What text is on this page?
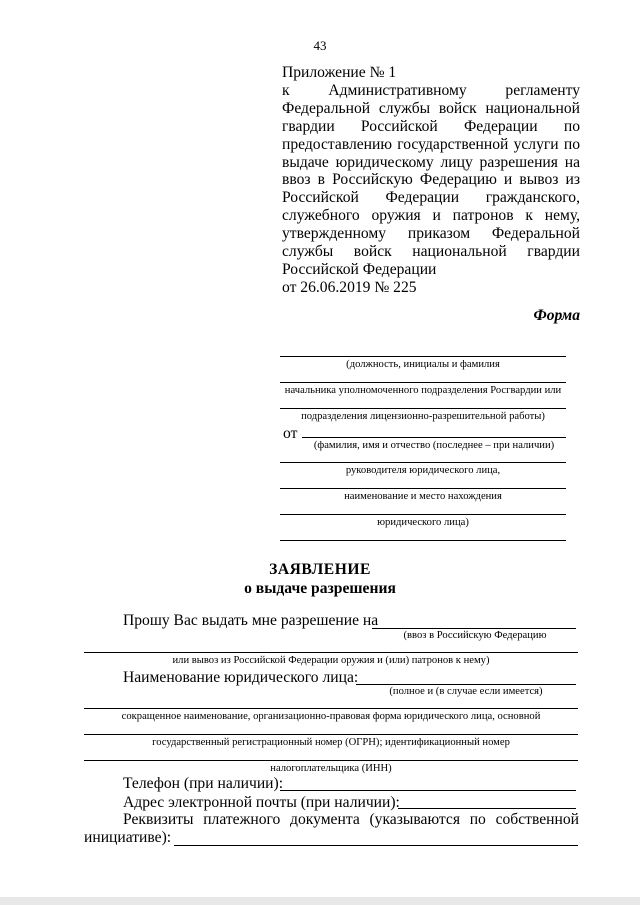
43
Приложение № 1
к Административному регламенту
Федеральной службы войск национальной
гвардии Российской Федерации по
предоставлению государственной услуги по
выдаче юридическому лицу разрешения на
ввоз в Российскую Федерацию и вывоз из
Российской Федерации гражданского,
служебного оружия и патронов к нему,
утвержденному приказом Федеральной
службы войск национальной гвардии
Российской Федерации
от 26.06.2019 № 225
Форма
(должность, инициалы и фамилия
начальника уполномоченного подразделения Росгвардии или
подразделения лицензионно-разрешительной работы)
от
(фамилия, имя и отчество (последнее – при наличии)
руководителя юридического лица,
наименование и место нахождения
юридического лица)
ЗАЯВЛЕНИЕ
о выдаче разрешения
Прошу Вас выдать мне разрешение на
(ввоз в Российскую Федерацию
или вывоз из Российской Федерации оружия и (или) патронов к нему)
Наименование юридического лица:
(полное и (в случае если имеется)
сокращенное наименование, организационно-правовая форма юридического лица, основной
государственный регистрационный номер (ОГРН); идентификационный номер
налогоплательщика (ИНН)
Телефон (при наличии):
Адрес электронной почты (при наличии):
Реквизиты платежного документа (указываются по собственной
инициативе):
